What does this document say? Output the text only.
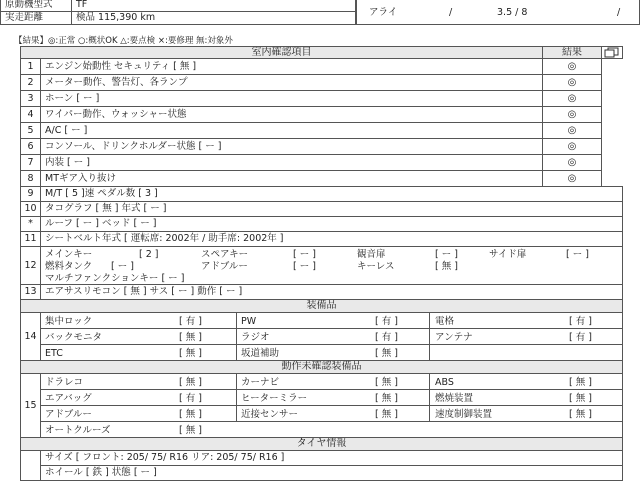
原動機型式 TF
実走距離	検品 115,390 km	アライ	/	3.5 / 8	/
【結果】◎:正常 ○:概状OK △:要点検 ×:要修理 無:対象外
室内確認項目	結果
1 エンジン始動性 セキュリティ [ 無 ]	◎
2 メーター動作、警告灯、各ランプ	◎
3 ホーン [ ー ]	◎
4 ワイパー動作、ウォッシャー状態	◎
5 A/C [ ー ]	◎
6 コンソール、ドリンクホルダー状態 [ ー ]	◎
7 内装 [ ー ]	◎
8 MTギア入り抜け	◎
9 M/T [ 5 ]速 ペダル数 [ 3 ]
10 タコグラフ [ 無 ] 年式 [ ー ]
* ルーフ [ ー ] ベッド [ ー ]
11 シートベルト年式 [ 運転席: 2002年 / 助手席: 2002年 ]
12
メインキー	[ 2 ]	スペアキー	[ ー ]	観音扉	[ ー ]	サイド扉	[ ー ]
燃料タンク [ ー ]	アドブルー	[ ー ]	キーレス	[ 無 ]
マルチファンクションキー [ ー ]
13 エアサスリモコン [ 無 ] サス [ ー ] 動作 [ ー ]
装備品
14
集中ロック	[ 有 ]	PW	[ 有 ]	電格	[ 有 ]
バックモニタ	[ 無 ]	ラジオ	[ 有 ]	アンテナ	[ 有 ]
ETC	[ 無 ]	坂道補助	[ 無 ]
動作未確認装備品
15
ドラレコ	[ 無 ]	カーナビ	[ 無 ]	ABS	[ 無 ]
エアバッグ	[ 有 ]	ヒーターミラー	[ 無 ]	燃焼装置	[ 無 ]
アドブルー	[ 無 ]	近接センサー	[ 無 ]	速度制御装置	[ 無 ]
オートクルーズ	[ 無 ]
タイヤ情報
サイズ [ フロント: 205/ 75/ R16 リア: 205/ 75/ R16 ]
ホイール [ 鉄 ] 状態 [ ー ]
